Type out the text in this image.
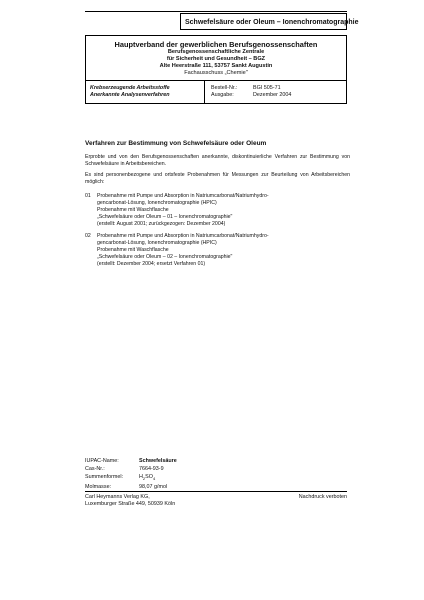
Schwefelsäure oder Oleum – Ionenchromatographie
Hauptverband der gewerblichen Berufsgenossenschaften
Berufsgenossenschaftliche Zentrale
für Sicherheit und Gesundheit – BGZ
Alte Heerstraße 111, 53757 Sankt Augustin
Fachausschuss „Chemie"
Krebserzeugende Arbeitsstoffe
Anerkannte Analysenverfahren
Bestell-Nr.:	BGI 505-71
Ausgabe:	Dezember 2004
Verfahren zur Bestimmung von Schwefelsäure oder Oleum
Erprobte und von den Berufsgenossenschaften anerkannte, diskontinuierliche Verfahren zur Bestimmung von Schwefelsäure in Arbeitsbereichen.
Es sind personenbezogene und ortsfeste Probenahmen für Messungen zur Beurteilung von Arbeitsbereichen möglich:
01	Probenahme mit Pumpe und Absorption in Natriumcarbonat/Natriumhydro-
gencarbonat-Lösung, Ionenchromatographie (HPIC)
Probenahme mit Waschflasche
„Schwefelsäure oder Oleum – 01 – Ionenchromatographie"
(erstellt: August 2001; zurückgezogen: Dezember 2004)
02	Probenahme mit Pumpe und Absorption in Natriumcarbonat/Natriumhydro-
gencarbonat-Lösung, Ionenchromatographie (HPIC)
Probenahme mit Waschflasche
„Schwefelsäure oder Oleum – 02 – Ionenchromatographie"
(erstellt: Dezember 2004; ersetzt Verfahren 01)
IUPAC-Name:	Schwefelsäure
Cas-Nr.:	7664-93-9
Summenformel:	$H_2SO_4$
Molmasse:	98,07 g/mol
Carl Heymanns Verlag KG,
Luxemburger Straße 449, 50939 Köln
Nachdruck verboten
